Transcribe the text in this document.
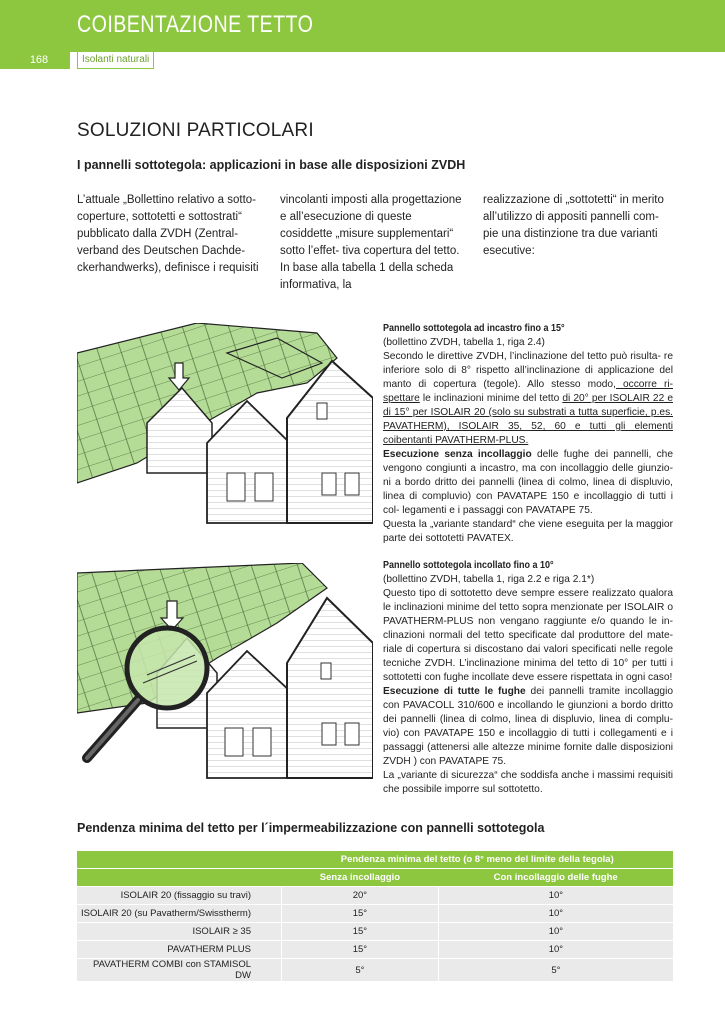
COIBENTAZIONE TETTO
168	Isolanti naturali
SOLUZIONI PARTICOLARI
I pannelli sottotegola: applicazioni in base alle disposizioni ZVDH
L’attuale „Bollettino relativo a sotto- coperture, sottotetti e sottostrati“ pubblicato dalla ZVDH (Zentral- verband des Deutschen Dachde- ckerhandwerks), definisce i requisiti
vincolanti imposti alla progettazione e all’esecuzione di queste cosiddette „misure supplementari“ sotto l’effet- tiva copertura del tetto. In base alla tabella 1 della scheda informativa, la
realizzazione di „sottotetti“ in merito all’utilizzo di appositi pannelli com- pie una distinzione tra due varianti esecutive:
Pannello sottotegola ad incastro fino a 15°

(bollettino ZVDH, tabella 1, riga 2.4)

Secondo le direttive ZVDH, l’inclinazione del tetto può risulta- re inferiore solo di 8° rispetto all’inclinazione di applicazione del manto di copertura (tegole). Allo stesso modo, occorre ri- spettare le inclinazioni minime del tetto di 20° per ISOLAIR 22 e di 15° per ISOLAIR 20 (solo su substrati a tutta superficie, p.es. PAVATHERM), ISOLAIR 35, 52, 60 e tutti gli elementi coibentanti PAVATHERM-PLUS.

Esecuzione senza incollaggio delle fughe dei pannelli, che vengono congiunti a incastro, ma con incollaggio delle giunzio- ni a bordo dritto dei pannelli (linea di colmo, linea di displuvio, linea di compluvio) con PAVATAPE 150 e incollaggio di tutti i col- legamenti e i passaggi con PAVATAPE 75.

Questa la „variante standard“ che viene eseguita per la maggior parte dei sottotetti PAVATEX.

Pannello sottotegola incollato fino a 10°

(bollettino ZVDH, tabella 1, riga 2.2 e riga 2.1*)

Questo tipo di sottotetto deve sempre essere realizzato qualora le inclinazioni minime del tetto sopra menzionate per ISOLAIR o PAVATHERM-PLUS non vengano raggiunte e/o quando le in- clinazioni normali del tetto specificate dal produttore del mate- riale di copertura si discostano dai valori specificati nelle regole tecniche ZVDH. L’inclinazione minima del tetto di 10° per tutti i sottotetti con fughe incollate deve essere rispettata in ogni caso!

Esecuzione di tutte le fughe dei pannelli tramite incollaggio con PAVACOLL 310/600 e incollando le giunzioni a bordo dritto dei pannelli (linea di colmo, linea di displuvio, linea di complu- vio) con PAVATAPE 150 e incollaggio di tutti i collegamenti e i passaggi (attenersi alle altezze minime fornite dalle disposizioni ZVDH ) con PAVATAPE 75.

La „variante di sicurezza“ che soddisfa anche i massimi requisiti che possibile imporre sul sottotetto.

Pendenza minima del tetto per l´impermeabilizzazione con pannelli sottotegola
	Pendenza minima del tetto (o 8° meno del limite della tegola)	
	Senza incollaggio	Con incollaggio delle fughe
ISOLAIR 20 (fissaggio su travi)	20°	10°
ISOLAIR 20 (su Pavatherm/Swisstherm)	15°	10°
ISOLAIR ≥ 35	15°	10°
PAVATHERM PLUS	15°	10°
PAVATHERM COMBI con STAMISOL DW	5°	5°
